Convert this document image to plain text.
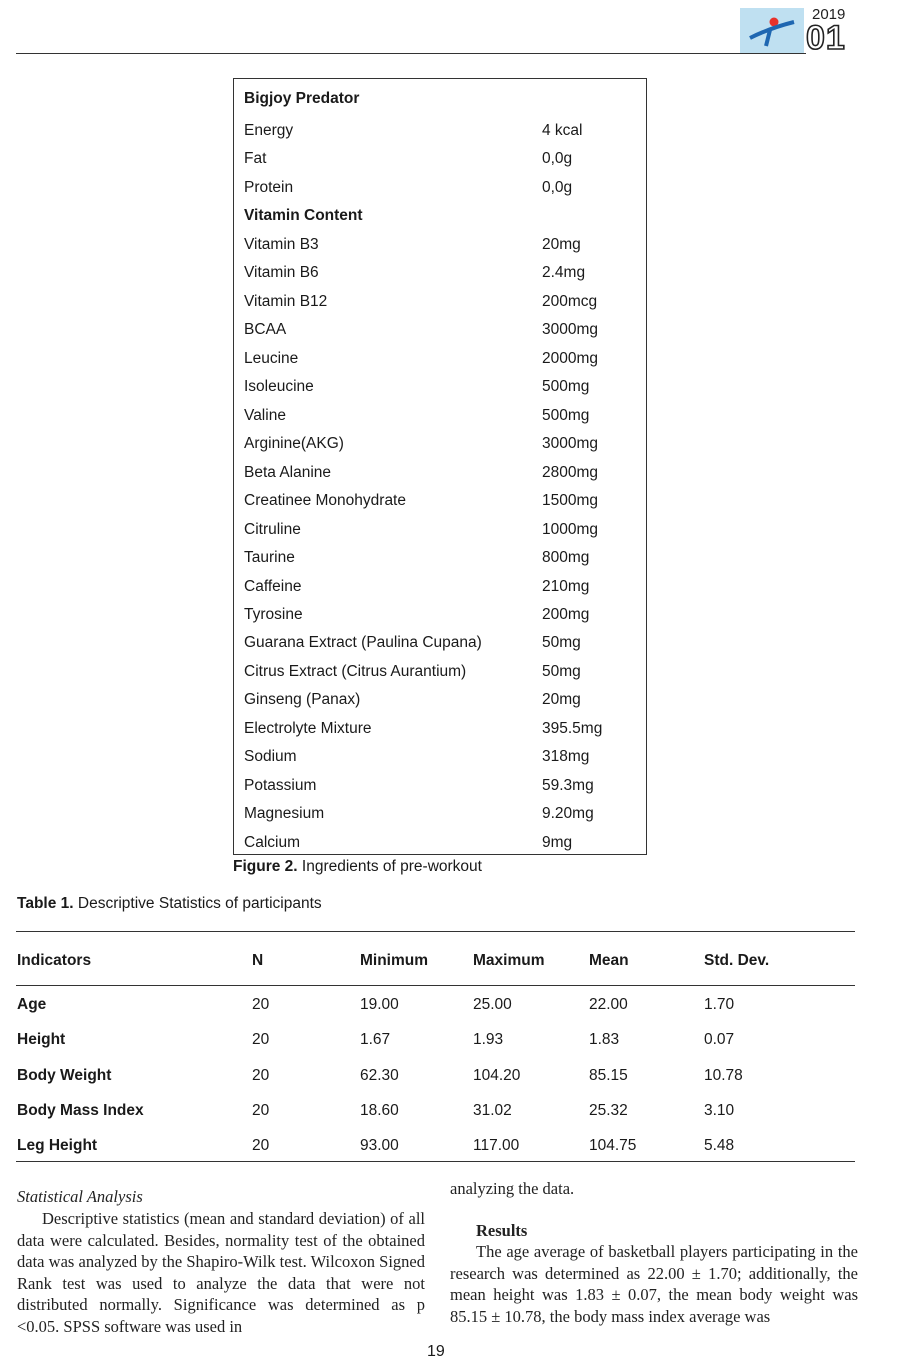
2019
01
Bigjoy Predator
Energy	4 kcal
Fat	0,0g
Protein	0,0g
Vitamin Content
Vitamin B3	20mg
Vitamin B6	2.4mg
Vitamin B12	200mcg
BCAA	3000mg
Leucine	2000mg
Isoleucine	500mg
Valine	500mg
Arginine(AKG)	3000mg
Beta Alanine	2800mg
Creatinee Monohydrate	1500mg
Citruline	1000mg
Taurine	800mg
Caffeine	210mg
Tyrosine	200mg
Guarana Extract (Paulina Cupana)	50mg
Citrus Extract (Citrus Aurantium)	50mg
Ginseng (Panax)	20mg
Electrolyte Mixture	395.5mg
Sodium	318mg
Potassium	59.3mg
Magnesium	9.20mg
Calcium	9mg
Figure 2. Ingredients of pre-workout
Table 1. Descriptive Statistics of participants
Indicators	N	Minimum	Maximum	Mean	Std. Dev.
Age	20	19.00	25.00	22.00	1.70
Height	20	1.67	1.93	1.83	0.07
Body Weight	20	62.30	104.20	85.15	10.78
Body Mass Index	20	18.60	31.02	25.32	3.10
Leg Height	20	93.00	117.00	104.75	5.48
Statistical Analysis
Descriptive statistics (mean and standard deviation) of all data were calculated. Besides, normality test of the obtained data was analyzed by the Shapiro-Wilk test. Wilcoxon Signed Rank test was used to analyze the data that were not distributed normally. Significance was determined as p <0.05. SPSS software was used in
analyzing the data.
Results
The age average of basketball players participating in the research was determined as 22.00 ± 1.70; additionally, the mean height was 1.83 ± 0.07, the mean body weight was 85.15 ± 10.78, the body mass index average was
19
